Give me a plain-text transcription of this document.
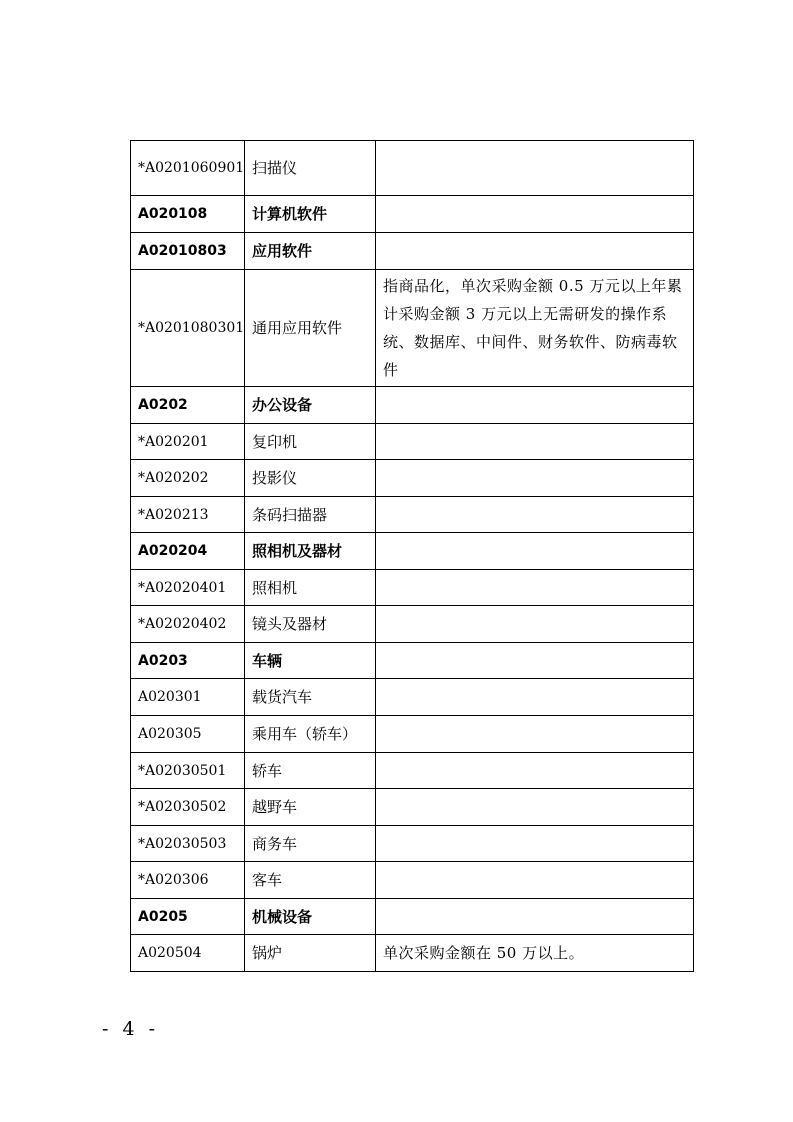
*A0201060901	扫描仪	
A020108	计算机软件	
A02010803	应用软件	
*A0201080301	通用应用软件	指商品化，单次采购金额 0.5 万元以上年累计采购金额 3 万元以上无需研发的操作系统、数据库、中间件、财务软件、防病毒软件
A0202	办公设备	
*A020201	复印机	
*A020202	投影仪	
*A020213	条码扫描器	
A020204	照相机及器材	
*A02020401	照相机	
*A02020402	镜头及器材	
A0203	车辆	
A020301	载货汽车	
A020305	乘用车（轿车）	
*A02030501	轿车	
*A02030502	越野车	
*A02030503	商务车	
*A020306	客车	
A0205	机械设备	
A020504	锅炉	单次采购金额在 50 万以上。
- 4 -
